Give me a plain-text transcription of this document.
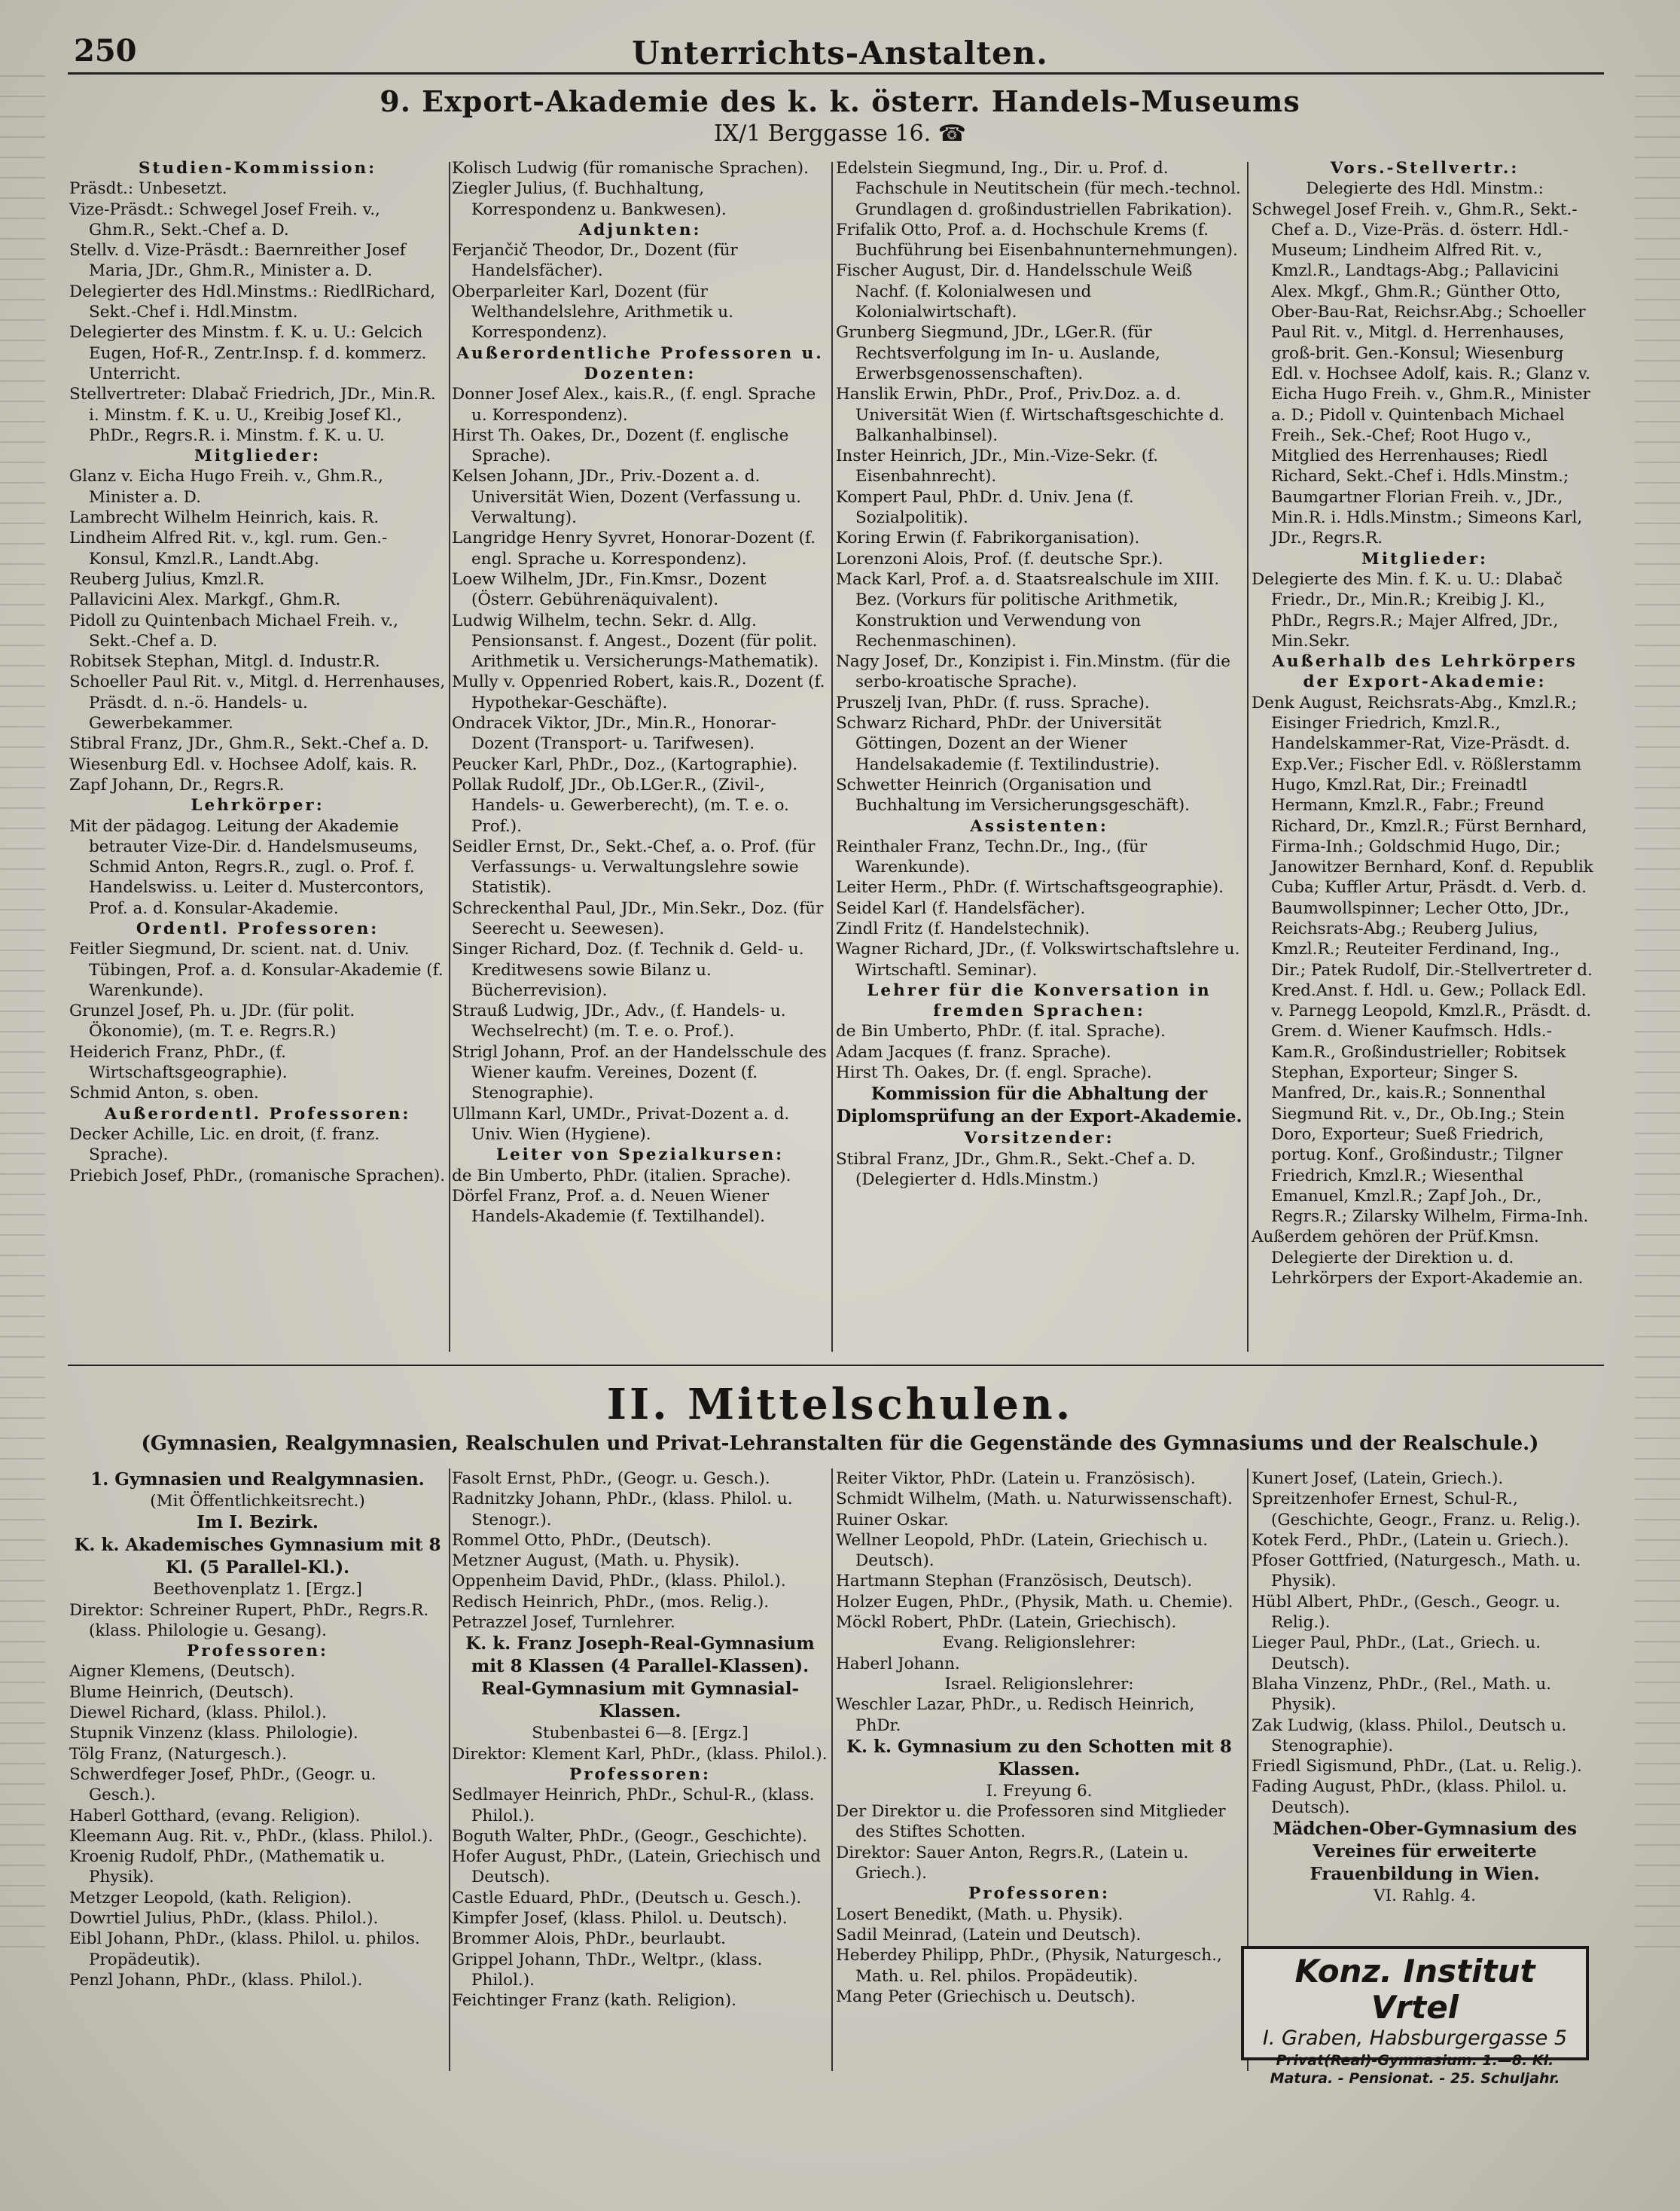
250	Unterrichts-Anstalten.
9. Export-Akademie des k. k. österr. Handels-Museums
IX/1 Berggasse 16. ☎

Studien-Kommission:

Präsdt.: Unbesetzt.

Vize-Präsdt.: Schwegel Josef Freih. v., Ghm.R., Sekt.-Chef a. D.

Stellv. d. Vize-Präsdt.: Baernreither Josef Maria, JDr., Ghm.R., Minister a. D.

Delegierter des Hdl.Minstms.: RiedlRichard, Sekt.-Chef i. Hdl.Minstm.

Delegierter des Minstm. f. K. u. U.: Gelcich Eugen, Hof-R., Zentr.Insp. f. d. kommerz. Unterricht.

Stellvertreter: Dlabač Friedrich, JDr., Min.R. i. Minstm. f. K. u. U., Kreibig Josef Kl., PhDr., Regrs.R. i. Minstm. f. K. u. U.

Mitglieder:

Glanz v. Eicha Hugo Freih. v., Ghm.R., Minister a. D.

Lambrecht Wilhelm Heinrich, kais. R.

Lindheim Alfred Rit. v., kgl. rum. Gen.-Konsul, Kmzl.R., Landt.Abg.

Reuberg Julius, Kmzl.R.

Pallavicini Alex. Markgf., Ghm.R.

Pidoll zu Quintenbach Michael Freih. v., Sekt.-Chef a. D.

Robitsek Stephan, Mitgl. d. Industr.R.

Schoeller Paul Rit. v., Mitgl. d. Herrenhauses, Präsdt. d. n.-ö. Handels- u. Gewerbekammer.

Stibral Franz, JDr., Ghm.R., Sekt.-Chef a. D.

Wiesenburg Edl. v. Hochsee Adolf, kais. R.

Zapf Johann, Dr., Regrs.R.

Lehrkörper:

Mit der pädagog. Leitung der Akademie betrauter Vize-Dir. d. Handelsmuseums, Schmid Anton, Regrs.R., zugl. o. Prof. f. Handelswiss. u. Leiter d. Mustercontors, Prof. a. d. Konsular-Akademie.

Ordentl. Professoren:

Feitler Siegmund, Dr. scient. nat. d. Univ. Tübingen, Prof. a. d. Konsular-Akademie (f. Warenkunde).

Grunzel Josef, Ph. u. JDr. (für polit. Ökonomie), (m. T. e. Regrs.R.)

Heiderich Franz, PhDr., (f. Wirtschaftsgeographie).

Schmid Anton, s. oben.

Außerordentl. Professoren:

Decker Achille, Lic. en droit, (f. franz. Sprache).

Priebich Josef, PhDr., (romanische Sprachen).

Kolisch Ludwig (für romanische Sprachen).

Ziegler Julius, (f. Buchhaltung, Korrespondenz u. Bankwesen).

Adjunkten:

Ferjančič Theodor, Dr., Dozent (für Handelsfächer).

Oberparleiter Karl, Dozent (für Welthandelslehre, Arithmetik u. Korrespondenz).

Außerordentliche Professoren u. Dozenten:

Donner Josef Alex., kais.R., (f. engl. Sprache u. Korrespondenz).

Hirst Th. Oakes, Dr., Dozent (f. englische Sprache).

Kelsen Johann, JDr., Priv.-Dozent a. d. Universität Wien, Dozent (Verfassung u. Verwaltung).

Langridge Henry Syvret, Honorar-Dozent (f. engl. Sprache u. Korrespondenz).

Loew Wilhelm, JDr., Fin.Kmsr., Dozent (Österr. Gebührenäquivalent).

Ludwig Wilhelm, techn. Sekr. d. Allg. Pensionsanst. f. Angest., Dozent (für polit. Arithmetik u. Versicherungs-Mathematik).

Mully v. Oppenried Robert, kais.R., Dozent (f. Hypothekar-Geschäfte).

Ondracek Viktor, JDr., Min.R., Honorar-Dozent (Transport- u. Tarifwesen).

Peucker Karl, PhDr., Doz., (Kartographie).

Pollak Rudolf, JDr., Ob.LGer.R., (Zivil-, Handels- u. Gewerberecht), (m. T. e. o. Prof.).

Seidler Ernst, Dr., Sekt.-Chef, a. o. Prof. (für Verfassungs- u. Verwaltungslehre sowie Statistik).

Schreckenthal Paul, JDr., Min.Sekr., Doz. (für Seerecht u. Seewesen).

Singer Richard, Doz. (f. Technik d. Geld- u. Kreditwesens sowie Bilanz u. Bücherrevision).

Strauß Ludwig, JDr., Adv., (f. Handels- u. Wechselrecht) (m. T. e. o. Prof.).

Strigl Johann, Prof. an der Handelsschule des Wiener kaufm. Vereines, Dozent (f. Stenographie).

Ullmann Karl, UMDr., Privat-Dozent a. d. Univ. Wien (Hygiene).

Leiter von Spezialkursen:

de Bin Umberto, PhDr. (italien. Sprache).

Dörfel Franz, Prof. a. d. Neuen Wiener Handels-Akademie (f. Textilhandel).

Edelstein Siegmund, Ing., Dir. u. Prof. d. Fachschule in Neutitschein (für mech.-technol. Grundlagen d. großindustriellen Fabrikation).

Frifalik Otto, Prof. a. d. Hochschule Krems (f. Buchführung bei Eisenbahnunternehmungen).

Fischer August, Dir. d. Handelsschule Weiß Nachf. (f. Kolonialwesen und Kolonialwirtschaft).

Grunberg Siegmund, JDr., LGer.R. (für Rechtsverfolgung im In- u. Auslande, Erwerbsgenossenschaften).

Hanslik Erwin, PhDr., Prof., Priv.Doz. a. d. Universität Wien (f. Wirtschaftsgeschichte d. Balkanhalbinsel).

Inster Heinrich, JDr., Min.-Vize-Sekr. (f. Eisenbahnrecht).

Kompert Paul, PhDr. d. Univ. Jena (f. Sozialpolitik).

Koring Erwin (f. Fabrikorganisation).

Lorenzoni Alois, Prof. (f. deutsche Spr.).

Mack Karl, Prof. a. d. Staatsrealschule im XIII. Bez. (Vorkurs für politische Arithmetik, Konstruktion und Verwendung von Rechenmaschinen).

Nagy Josef, Dr., Konzipist i. Fin.Minstm. (für die serbo-kroatische Sprache).

Pruszelj Ivan, PhDr. (f. russ. Sprache).

Schwarz Richard, PhDr. der Universität Göttingen, Dozent an der Wiener Handelsakademie (f. Textilindustrie).

Schwetter Heinrich (Organisation und Buchhaltung im Versicherungsgeschäft).

Assistenten:

Reinthaler Franz, Techn.Dr., Ing., (für Warenkunde).

Leiter Herm., PhDr. (f. Wirtschaftsgeographie).

Seidel Karl (f. Handelsfächer).

Zindl Fritz (f. Handelstechnik).

Wagner Richard, JDr., (f. Volkswirtschaftslehre u. Wirtschaftl. Seminar).

Lehrer für die Konversation in fremden Sprachen:

de Bin Umberto, PhDr. (f. ital. Sprache).

Adam Jacques (f. franz. Sprache).

Hirst Th. Oakes, Dr. (f. engl. Sprache).

Kommission für die Abhaltung der Diplomsprüfung an der Export-Akademie.

Vorsitzender:

Stibral Franz, JDr., Ghm.R., Sekt.-Chef a. D. (Delegierter d. Hdls.Minstm.)

Vors.-Stellvertr.:

Delegierte des Hdl. Minstm.:

Schwegel Josef Freih. v., Ghm.R., Sekt.-Chef a. D., Vize-Präs. d. österr. Hdl.-Museum; Lindheim Alfred Rit. v., Kmzl.R., Landtags-Abg.; Pallavicini Alex. Mkgf., Ghm.R.; Günther Otto, Ober-Bau-Rat, Reichsr.Abg.; Schoeller Paul Rit. v., Mitgl. d. Herrenhauses, groß-brit. Gen.-Konsul; Wiesenburg Edl. v. Hochsee Adolf, kais. R.; Glanz v. Eicha Hugo Freih. v., Ghm.R., Minister a. D.; Pidoll v. Quintenbach Michael Freih., Sek.-Chef; Root Hugo v., Mitglied des Herrenhauses; Riedl Richard, Sekt.-Chef i. Hdls.Minstm.; Baumgartner Florian Freih. v., JDr., Min.R. i. Hdls.Minstm.; Simeons Karl, JDr., Regrs.R.

Mitglieder:

Delegierte des Min. f. K. u. U.: Dlabač Friedr., Dr., Min.R.; Kreibig J. Kl., PhDr., Regrs.R.; Majer Alfred, JDr., Min.Sekr.

Außerhalb des Lehrkörpers der Export-Akademie:

Denk August, Reichsrats-Abg., Kmzl.R.; Eisinger Friedrich, Kmzl.R., Handelskammer-Rat, Vize-Präsdt. d. Exp.Ver.; Fischer Edl. v. Rößlerstamm Hugo, Kmzl.Rat, Dir.; Freinadtl Hermann, Kmzl.R., Fabr.; Freund Richard, Dr., Kmzl.R.; Fürst Bernhard, Firma-Inh.; Goldschmid Hugo, Dir.; Janowitzer Bernhard, Konf. d. Republik Cuba; Kuffler Artur, Präsdt. d. Verb. d. Baumwollspinner; Lecher Otto, JDr., Reichsrats-Abg.; Reuberg Julius, Kmzl.R.; Reuteiter Ferdinand, Ing., Dir.; Patek Rudolf, Dir.-Stellvertreter d. Kred.Anst. f. Hdl. u. Gew.; Pollack Edl. v. Parnegg Leopold, Kmzl.R., Präsdt. d. Grem. d. Wiener Kaufmsch. Hdls.-Kam.R., Großindustrieller; Robitsek Stephan, Exporteur; Singer S. Manfred, Dr., kais.R.; Sonnenthal Siegmund Rit. v., Dr., Ob.Ing.; Stein Doro, Exporteur; Sueß Friedrich, portug. Konf., Großindustr.; Tilgner Friedrich, Kmzl.R.; Wiesenthal Emanuel, Kmzl.R.; Zapf Joh., Dr., Regrs.R.; Zilarsky Wilhelm, Firma-Inh.

Außerdem gehören der Prüf.Kmsn. Delegierte der Direktion u. d. Lehrkörpers der Export-Akademie an.

II. Mittelschulen.
(Gymnasien, Realgymnasien, Realschulen und Privat-Lehranstalten für die Gegenstände des Gymnasiums und der Realschule.)

1. Gymnasien und Realgymnasien.

(Mit Öffentlichkeitsrecht.)

Im I. Bezirk.

K. k. Akademisches Gymnasium mit 8 Kl. (5 Parallel-Kl.).

Beethovenplatz 1. [Ergz.]

Direktor: Schreiner Rupert, PhDr., Regrs.R. (klass. Philologie u. Gesang).

Professoren:

Aigner Klemens, (Deutsch).

Blume Heinrich, (Deutsch).

Diewel Richard, (klass. Philol.).

Stupnik Vinzenz (klass. Philologie).

Tölg Franz, (Naturgesch.).

Schwerdfeger Josef, PhDr., (Geogr. u. Gesch.).

Haberl Gotthard, (evang. Religion).

Kleemann Aug. Rit. v., PhDr., (klass. Philol.).

Kroenig Rudolf, PhDr., (Mathematik u. Physik).

Metzger Leopold, (kath. Religion).

Dowrtiel Julius, PhDr., (klass. Philol.).

Eibl Johann, PhDr., (klass. Philol. u. philos. Propädeutik).

Penzl Johann, PhDr., (klass. Philol.).

Fasolt Ernst, PhDr., (Geogr. u. Gesch.).

Radnitzky Johann, PhDr., (klass. Philol. u. Stenogr.).

Rommel Otto, PhDr., (Deutsch).

Metzner August, (Math. u. Physik).

Oppenheim David, PhDr., (klass. Philol.).

Redisch Heinrich, PhDr., (mos. Relig.).

Petrazzel Josef, Turnlehrer.

K. k. Franz Joseph-Real-Gymnasium mit 8 Klassen (4 Parallel-Klassen). Real-Gymnasium mit Gymnasial-Klassen.

Stubenbastei 6—8. [Ergz.]

Direktor: Klement Karl, PhDr., (klass. Philol.).

Professoren:

Sedlmayer Heinrich, PhDr., Schul-R., (klass. Philol.).

Boguth Walter, PhDr., (Geogr., Geschichte).

Hofer August, PhDr., (Latein, Griechisch und Deutsch).

Castle Eduard, PhDr., (Deutsch u. Gesch.).

Kimpfer Josef, (klass. Philol. u. Deutsch).

Brommer Alois, PhDr., beurlaubt.

Grippel Johann, ThDr., Weltpr., (klass. Philol.).

Feichtinger Franz (kath. Religion).

Reiter Viktor, PhDr. (Latein u. Französisch).

Schmidt Wilhelm, (Math. u. Naturwissenschaft).

Ruiner Oskar.

Wellner Leopold, PhDr. (Latein, Griechisch u. Deutsch).

Hartmann Stephan (Französisch, Deutsch).

Holzer Eugen, PhDr., (Physik, Math. u. Chemie).

Möckl Robert, PhDr. (Latein, Griechisch).

Evang. Religionslehrer:

Haberl Johann.

Israel. Religionslehrer:

Weschler Lazar, PhDr., u. Redisch Heinrich, PhDr.

K. k. Gymnasium zu den Schotten mit 8 Klassen.

I. Freyung 6.

Der Direktor u. die Professoren sind Mitglieder des Stiftes Schotten.

Direktor: Sauer Anton, Regrs.R., (Latein u. Griech.).

Professoren:

Losert Benedikt, (Math. u. Physik).

Sadil Meinrad, (Latein und Deutsch).

Heberdey Philipp, PhDr., (Physik, Naturgesch., Math. u. Rel. philos. Propädeutik).

Mang Peter (Griechisch u. Deutsch).

Kunert Josef, (Latein, Griech.).

Spreitzenhofer Ernest, Schul-R., (Geschichte, Geogr., Franz. u. Relig.).

Kotek Ferd., PhDr., (Latein u. Griech.).

Pfoser Gottfried, (Naturgesch., Math. u. Physik).

Hübl Albert, PhDr., (Gesch., Geogr. u. Relig.).

Lieger Paul, PhDr., (Lat., Griech. u. Deutsch).

Blaha Vinzenz, PhDr., (Rel., Math. u. Physik).

Zak Ludwig, (klass. Philol., Deutsch u. Stenographie).

Friedl Sigismund, PhDr., (Lat. u. Relig.).

Fading August, PhDr., (klass. Philol. u. Deutsch).

Mädchen-Ober-Gymnasium des Vereines für erweiterte Frauenbildung in Wien.

VI. Rahlg. 4.

Konz. Institut Vrtel
I. Graben, Habsburgergasse 5
Privat(Real)-Gymnasium. 1.—8. Kl.
Matura. - Pensionat. - 25. Schuljahr.
